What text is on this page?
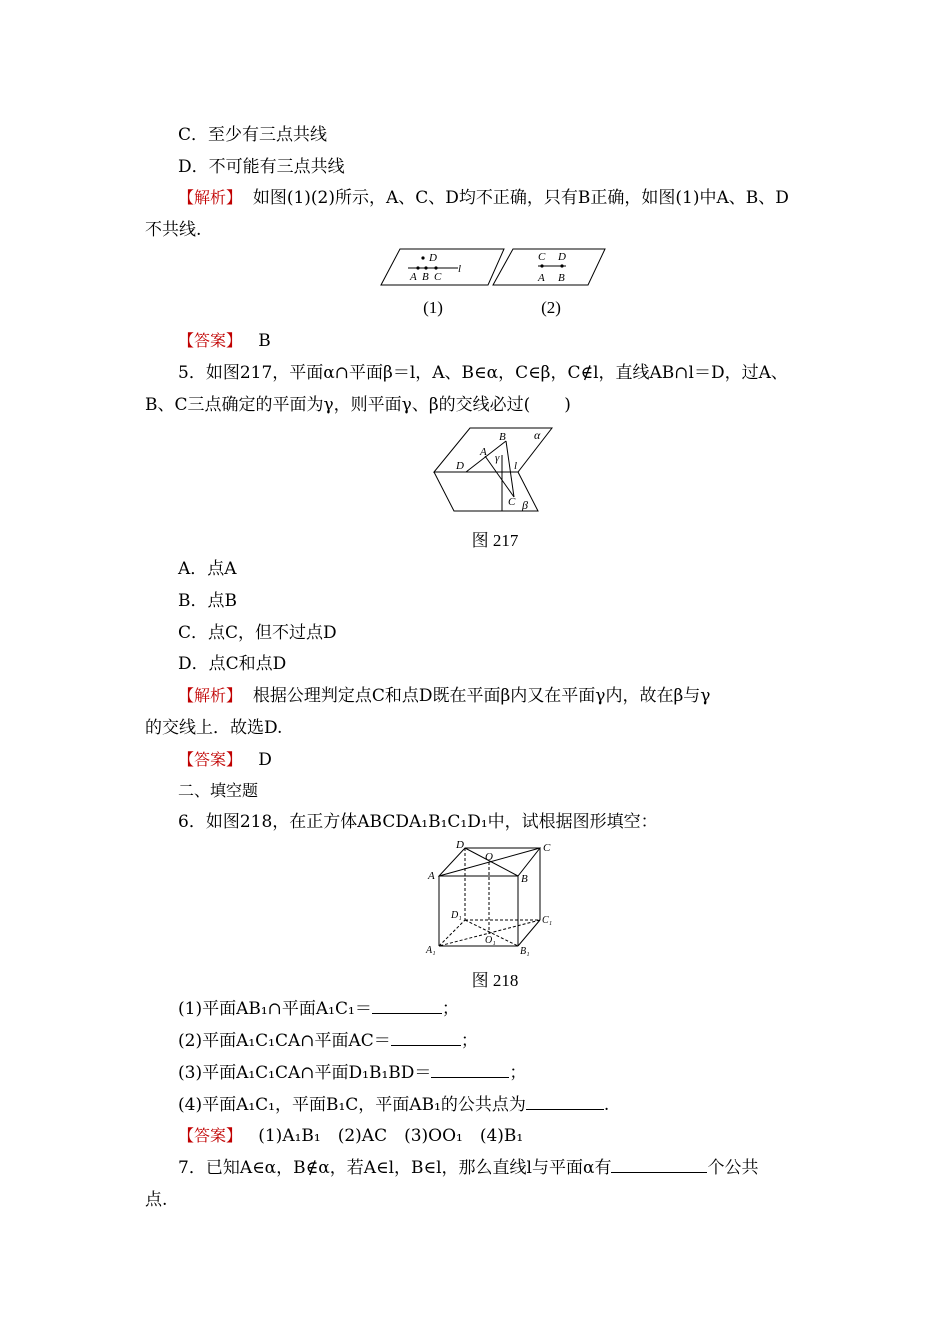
C．至少有三点共线
D．不可能有三点共线
【解析】 如图(1)(2)所示，A、C、D均不正确，只有B正确，如图(1)中A、B、D
不共线.
D
A B C
l
C D
A B
(1)	(2)
【答案】 B
5．如图217，平面α∩平面β＝l，A、B∈α，C∈β，C∉l，直线AB∩l＝D，过A、
B、C三点确定的平面为γ，则平面γ、β的交线必过(　　)
α
B
A γ
D	l
C β
图 217
A．点A
B．点B
C．点C，但不过点D
D．点C和点D
【解析】 根据公理判定点C和点D既在平面β内又在平面γ内，故在β与γ
的交线上．故选D.
【答案】 D
二、填空题
6．如图218，在正方体ABCDA₁B₁C₁D₁中，试根据图形填空：
D
O
C
A	B
D₁	C₁
A₁
O₁
B₁
图 218
(1)平面AB₁∩平面A₁C₁＝	；
(2)平面A₁C₁CA∩平面AC＝	；
(3)平面A₁C₁CA∩平面D₁B₁BD＝	；
(4)平面A₁C₁，平面B₁C，平面AB₁的公共点为	.
【答案】 (1)A₁B₁　(2)AC　(3)OO₁　(4)B₁
7．已知A∈α，B∉α，若A∈l，B∈l，那么直线l与平面α有	个公共
点.
